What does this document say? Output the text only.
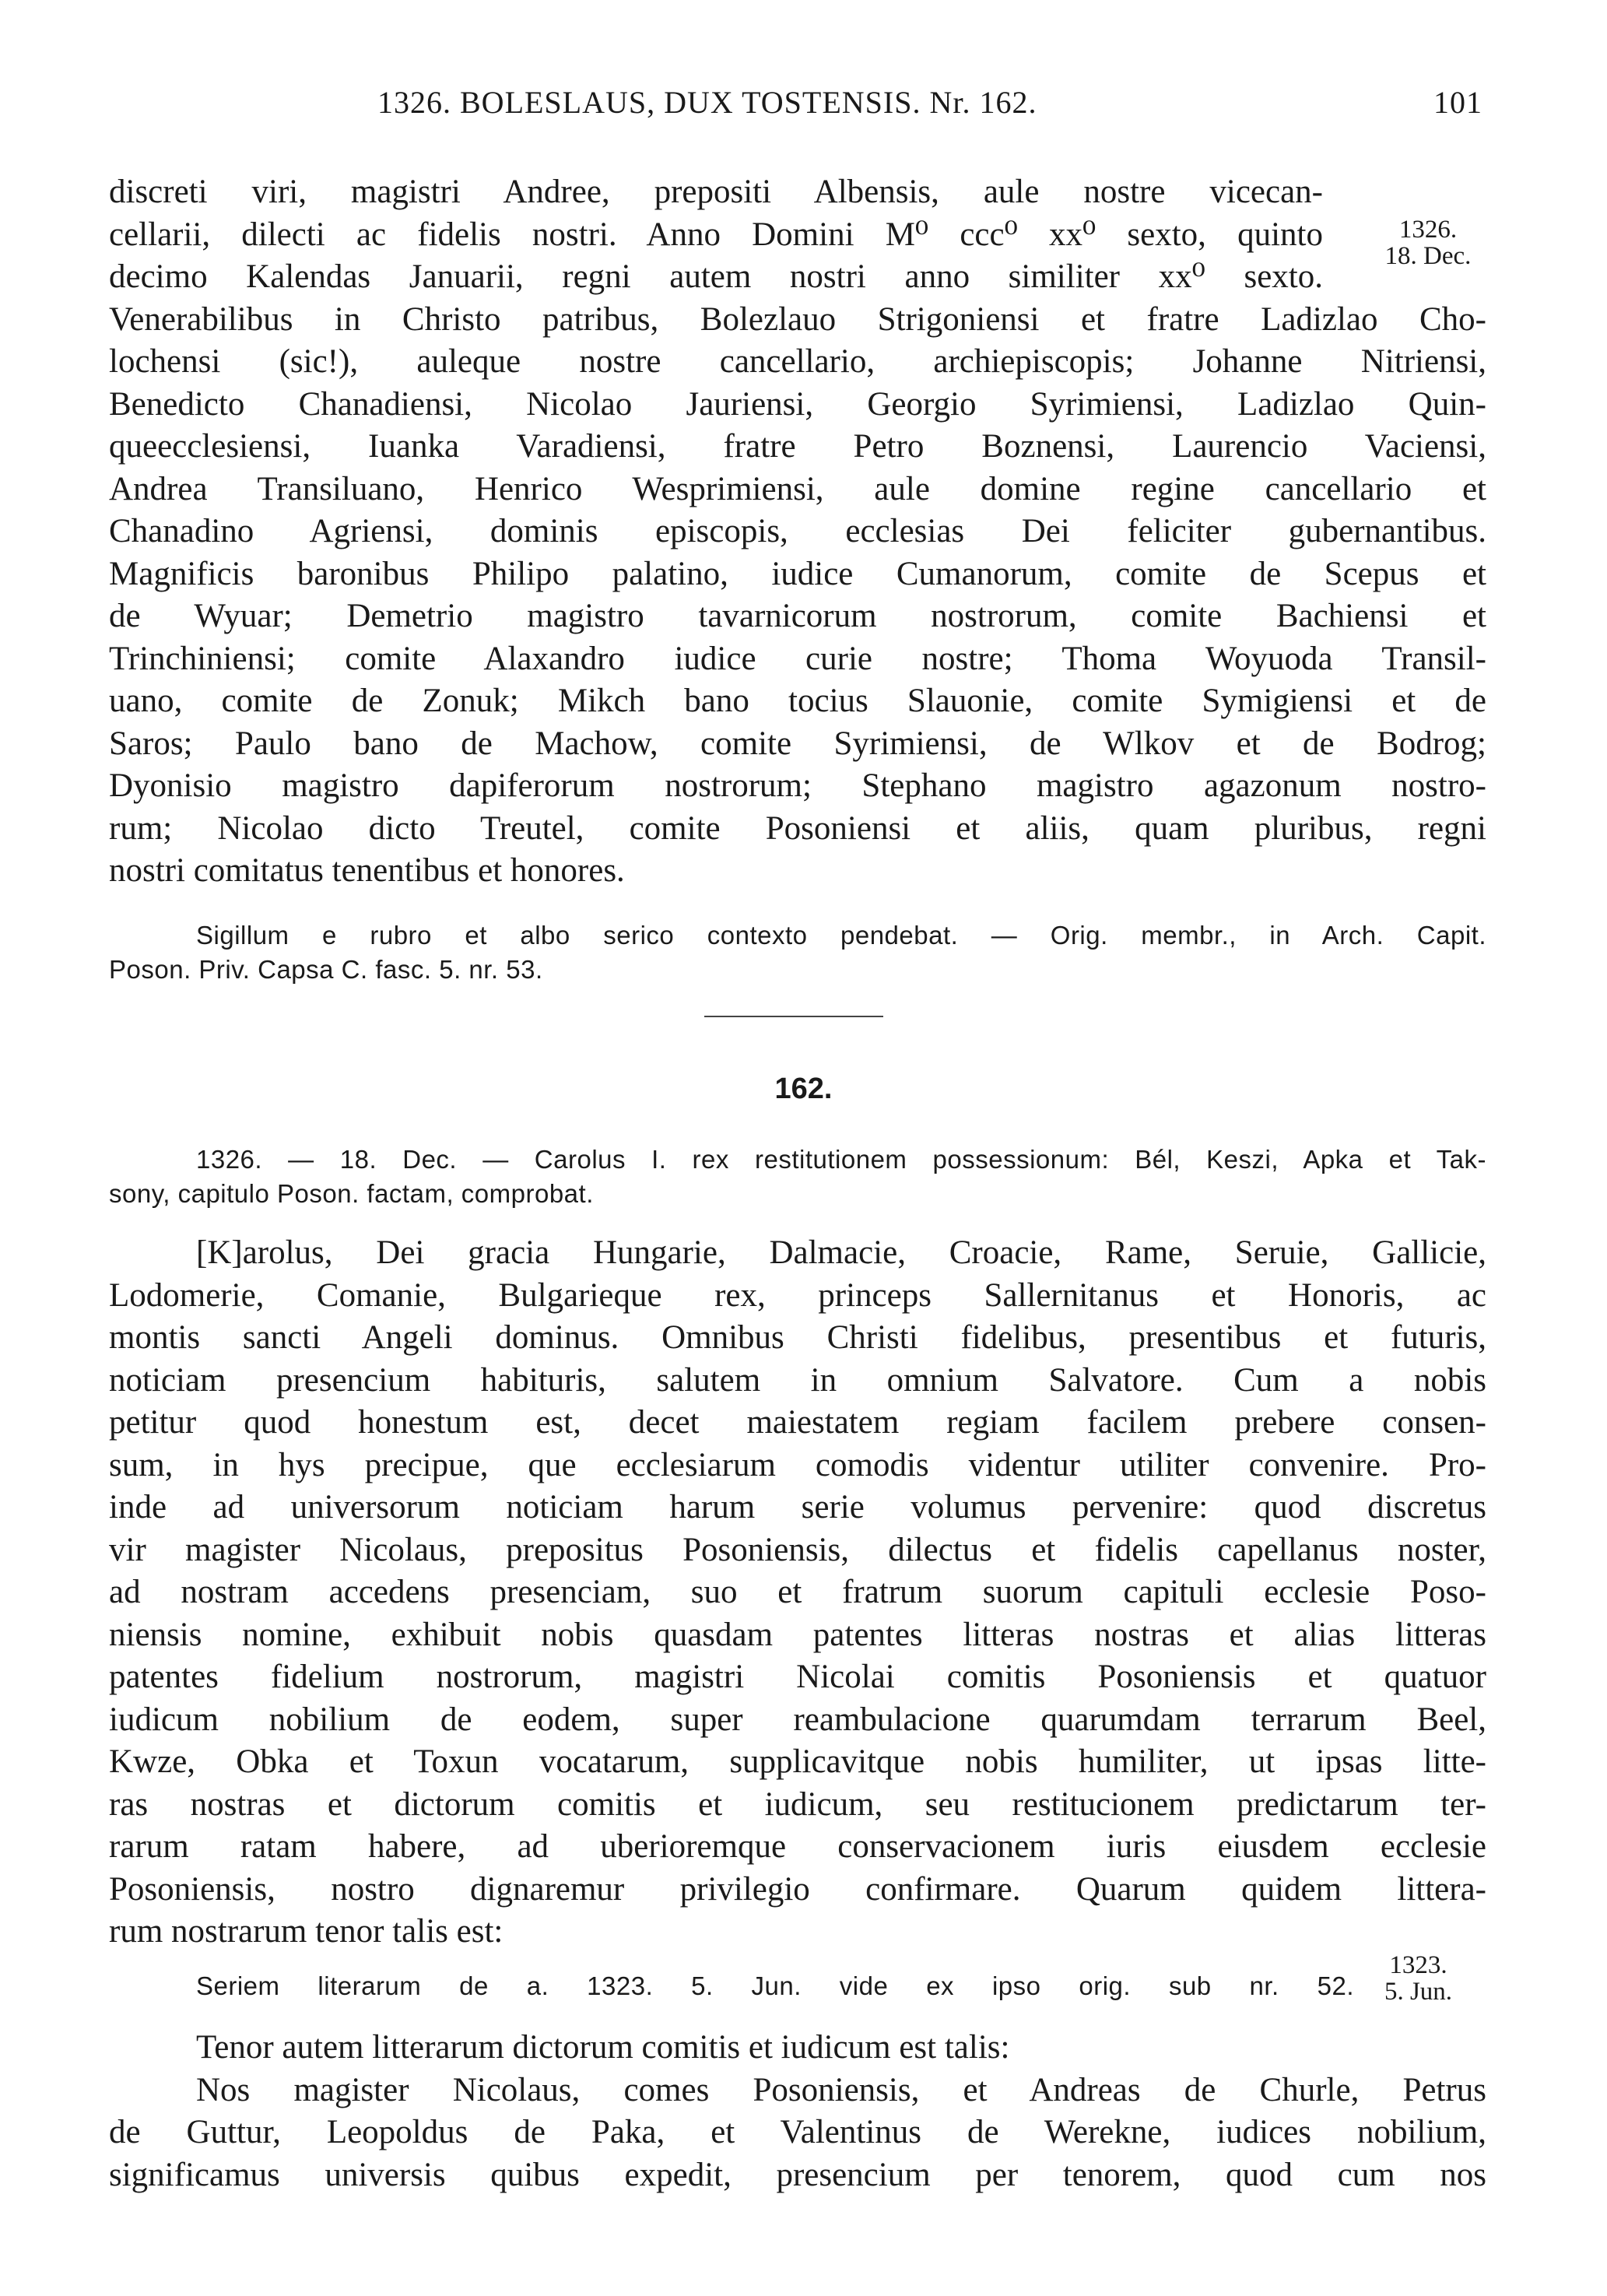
1326. BOLESLAUS, DUX TOSTENSIS. Nr. 162.	101
discreti viri, magistri Andree, prepositi Albensis, aule nostre vicecan-
cellarii, dilecti ac fidelis nostri. Anno Domini M⁰ ccc⁰ xx⁰ sexto, quinto
decimo Kalendas Januarii, regni autem nostri anno similiter xx⁰ sexto.
Venerabilibus in Christo patribus, Bolezlauo Strigoniensi et fratre Ladizlao Cho-
lochensi (sic!), auleque nostre cancellario, archiepiscopis; Johanne Nitriensi,
Benedicto Chanadiensi, Nicolao Jauriensi, Georgio Syrimiensi, Ladizlao Quin-
queecclesiensi, Iuanka Varadiensi, fratre Petro Boznensi, Laurencio Vaciensi,
Andrea Transiluano, Henrico Wesprimiensi, aule domine regine cancellario et
Chanadino Agriensi, dominis episcopis, ecclesias Dei feliciter gubernantibus.
Magnificis baronibus Philipo palatino, iudice Cumanorum, comite de Scepus et
de Wyuar; Demetrio magistro tavarnicorum nostrorum, comite Bachiensi et
Trinchiniensi; comite Alaxandro iudice curie nostre; Thoma Woyuoda Transil-
uano, comite de Zonuk; Mikch bano tocius Slauonie, comite Symigiensi et de
Saros; Paulo bano de Machow, comite Syrimiensi, de Wlkov et de Bodrog;
Dyonisio magistro dapiferorum nostrorum; Stephano magistro agazonum nostro-
rum; Nicolao dicto Treutel, comite Posoniensi et aliis, quam pluribus, regni
nostri comitatus tenentibus et honores.
1326.
18. Dec.
Sigillum e rubro et albo serico contexto pendebat. — Orig. membr., in Arch. Capit.
Poson. Priv. Capsa C. fasc. 5. nr. 53.
162.
1326. — 18. Dec. — Carolus I. rex restitutionem possessionum: Bél, Keszi, Apka et Tak-
sony, capitulo Poson. factam, comprobat.
[K]arolus, Dei gracia Hungarie, Dalmacie, Croacie, Rame, Seruie, Gallicie,
Lodomerie, Comanie, Bulgarieque rex, princeps Sallernitanus et Honoris, ac
montis sancti Angeli dominus. Omnibus Christi fidelibus, presentibus et futuris,
noticiam presencium habituris, salutem in omnium Salvatore. Cum a nobis
petitur quod honestum est, decet maiestatem regiam facilem prebere consen-
sum, in hys precipue, que ecclesiarum comodis videntur utiliter convenire. Pro-
inde ad universorum noticiam harum serie volumus pervenire: quod discretus
vir magister Nicolaus, prepositus Posoniensis, dilectus et fidelis capellanus noster,
ad nostram accedens presenciam, suo et fratrum suorum capituli ecclesie Poso-
niensis nomine, exhibuit nobis quasdam patentes litteras nostras et alias litteras
patentes fidelium nostrorum, magistri Nicolai comitis Posoniensis et quatuor
iudicum nobilium de eodem, super reambulacione quarumdam terrarum Beel,
Kwze, Obka et Toxun vocatarum, supplicavitque nobis humiliter, ut ipsas litte-
ras nostras et dictorum comitis et iudicum, seu restitucionem predictarum ter-
rarum ratam habere, ad uberioremque conservacionem iuris eiusdem ecclesie
Posoniensis, nostro dignaremur privilegio confirmare. Quarum quidem littera-
rum nostrarum tenor talis est:
1323.
5. Jun.
Seriem literarum de a. 1323. 5. Jun. vide ex ipso orig. sub nr. 52.
Tenor autem litterarum dictorum comitis et iudicum est talis:
Nos magister Nicolaus, comes Posoniensis, et Andreas de Churle, Petrus
de Guttur, Leopoldus de Paka, et Valentinus de Werekne, iudices nobilium,
significamus universis quibus expedit, presencium per tenorem, quod cum nos
